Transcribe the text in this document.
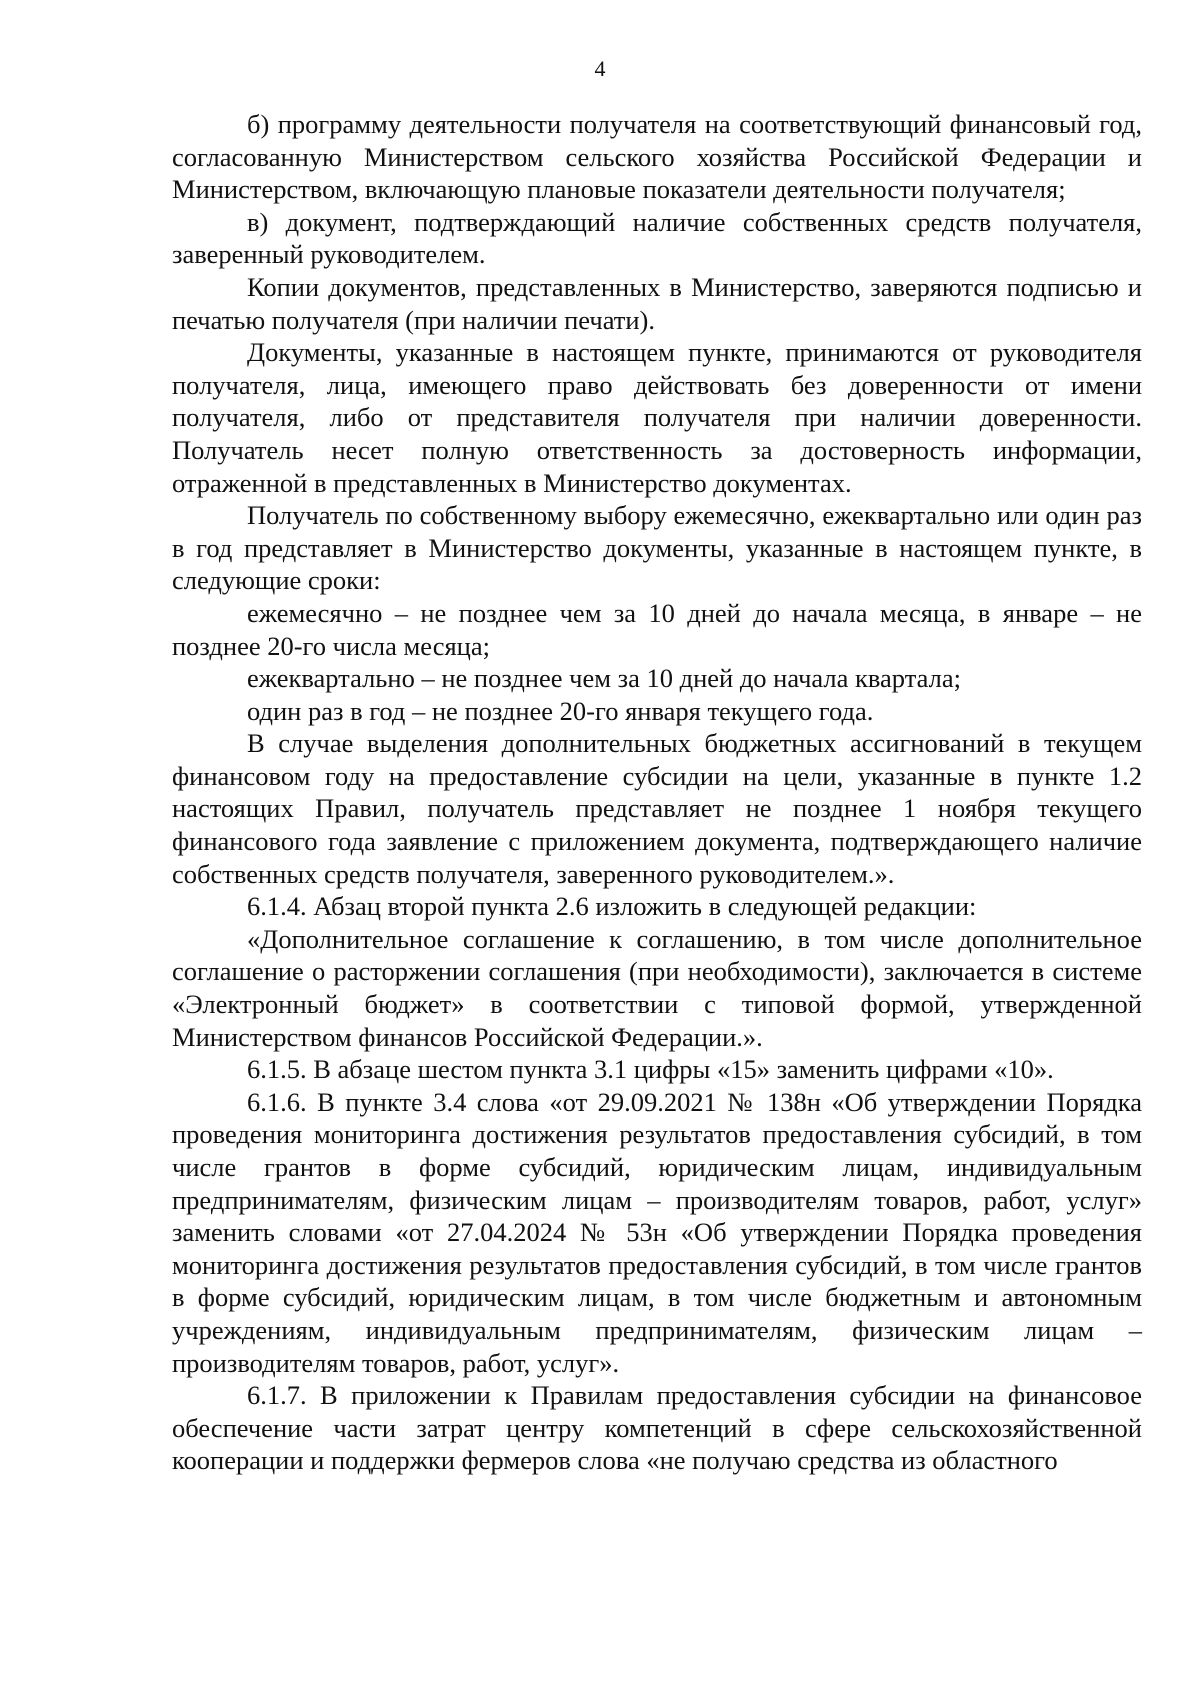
4

б) программу деятельности получателя на соответствующий финансовый год, согласованную Министерством сельского хозяйства Российской Федерации и Министерством, включающую плановые показатели деятельности получателя;

в) документ, подтверждающий наличие собственных средств получателя, заверенный руководителем.

Копии документов, представленных в Министерство, заверяются подписью и печатью получателя (при наличии печати).

Документы, указанные в настоящем пункте, принимаются от руководителя получателя, лица, имеющего право действовать без доверенности от имени получателя, либо от представителя получателя при наличии доверенности. Получатель несет полную ответственность за достоверность информации, отраженной в представленных в Министерство документах.

Получатель по собственному выбору ежемесячно, ежеквартально или один раз в год представляет в Министерство документы, указанные в настоящем пункте, в следующие сроки:

ежемесячно – не позднее чем за 10 дней до начала месяца, в январе – не позднее 20-го числа месяца;

ежеквартально – не позднее чем за 10 дней до начала квартала;

один раз в год – не позднее 20-го января текущего года.

В случае выделения дополнительных бюджетных ассигнований в текущем финансовом году на предоставление субсидии на цели, указанные в пункте 1.2 настоящих Правил, получатель представляет не позднее 1 ноября текущего финансового года заявление с приложением документа, подтверждающего наличие собственных средств получателя, заверенного руководителем.».

6.1.4. Абзац второй пункта 2.6 изложить в следующей редакции:

«Дополнительное соглашение к соглашению, в том числе дополнительное соглашение о расторжении соглашения (при необходимости), заключается в системе «Электронный бюджет» в соответствии с типовой формой, утвержденной Министерством финансов Российской Федерации.».

6.1.5. В абзаце шестом пункта 3.1 цифры «15» заменить цифрами «10».

6.1.6. В пункте 3.4 слова «от 29.09.2021 № 138н «Об утверждении Порядка проведения мониторинга достижения результатов предоставления субсидий, в том числе грантов в форме субсидий, юридическим лицам, индивидуальным предпринимателям, физическим лицам – производителям товаров, работ, услуг» заменить словами «от 27.04.2024 № 53н «Об утверждении Порядка проведения мониторинга достижения результатов предоставления субсидий, в том числе грантов в форме субсидий, юридическим лицам, в том числе бюджетным и автономным учреждениям, индивидуальным предпринимателям, физическим лицам – производителям товаров, работ, услуг».

6.1.7. В приложении к Правилам предоставления субсидии на финансовое обеспечение части затрат центру компетенций в сфере сельскохозяйственной кооперации и поддержки фермеров слова «не получаю средства из областного
